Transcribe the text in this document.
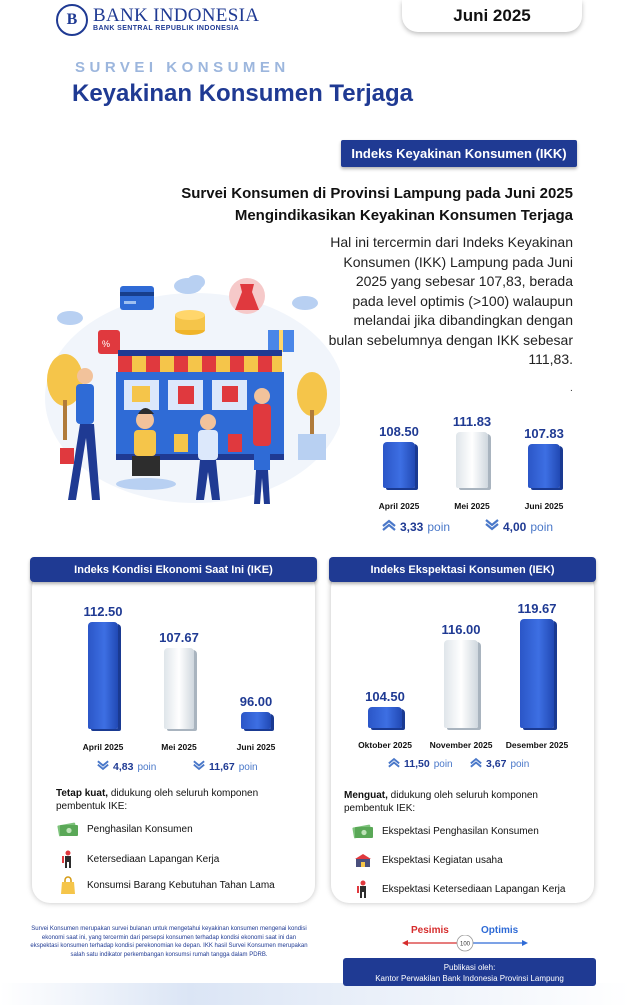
B BANK INDONESIA
BANK SENTRAL REPUBLIK INDONESIA
Juni 2025
SURVEI KONSUMEN
Keyakinan Konsumen Terjaga
Indeks Keyakinan Konsumen (IKK)
Survei Konsumen di Provinsi Lampung pada Juni 2025
Mengindikasikan Keyakinan Konsumen Terjaga
Hal ini tercermin dari Indeks Keyakinan Konsumen (IKK) Lampung pada Juni 2025 yang sebesar 107,83, berada pada level optimis (>100) walaupun melandai jika dibandingkan dengan bulan sebelumnya dengan IKK sebesar 111,83.
.
%
108.50
April 2025
111.83
Mei 2025
107.83
Juni 2025
3,33 poin	4,00 poin
Indeks Kondisi Ekonomi Saat Ini (IKE)
112.50
April 2025
107.67
Mei 2025
96.00
Juni 2025
4,83 poin	11,67 poin
Tetap kuat, didukung oleh seluruh komponen pembentuk IKE:
Penghasilan Konsumen
Ketersediaan Lapangan Kerja
Konsumsi Barang Kebutuhan Tahan Lama
Indeks Ekspektasi Konsumen (IEK)
104.50
Oktober 2025
116.00
November 2025
119.67
Desember 2025
11,50 poin	3,67 poin
Menguat, didukung oleh seluruh komponen pembentuk IEK:
Ekspektasi Penghasilan Konsumen
Ekspektasi Kegiatan usaha
Ekspektasi Ketersediaan Lapangan Kerja
Survei Konsumen merupakan survei bulanan untuk mengetahui keyakinan konsumen mengenai kondisi ekonomi saat ini, yang tercermin dari persepsi konsumen terhadap kondisi ekonomi saat ini dan ekspektasi konsumen terhadap kondisi perekonomian ke depan. IKK hasil Survei Konsumen merupakan salah satu indikator perkembangan konsumsi rumah tangga dalam PDRB.
Pesimis	Optimis
100
Publikasi oleh:
Kantor Perwakilan Bank Indonesia Provinsi Lampung
